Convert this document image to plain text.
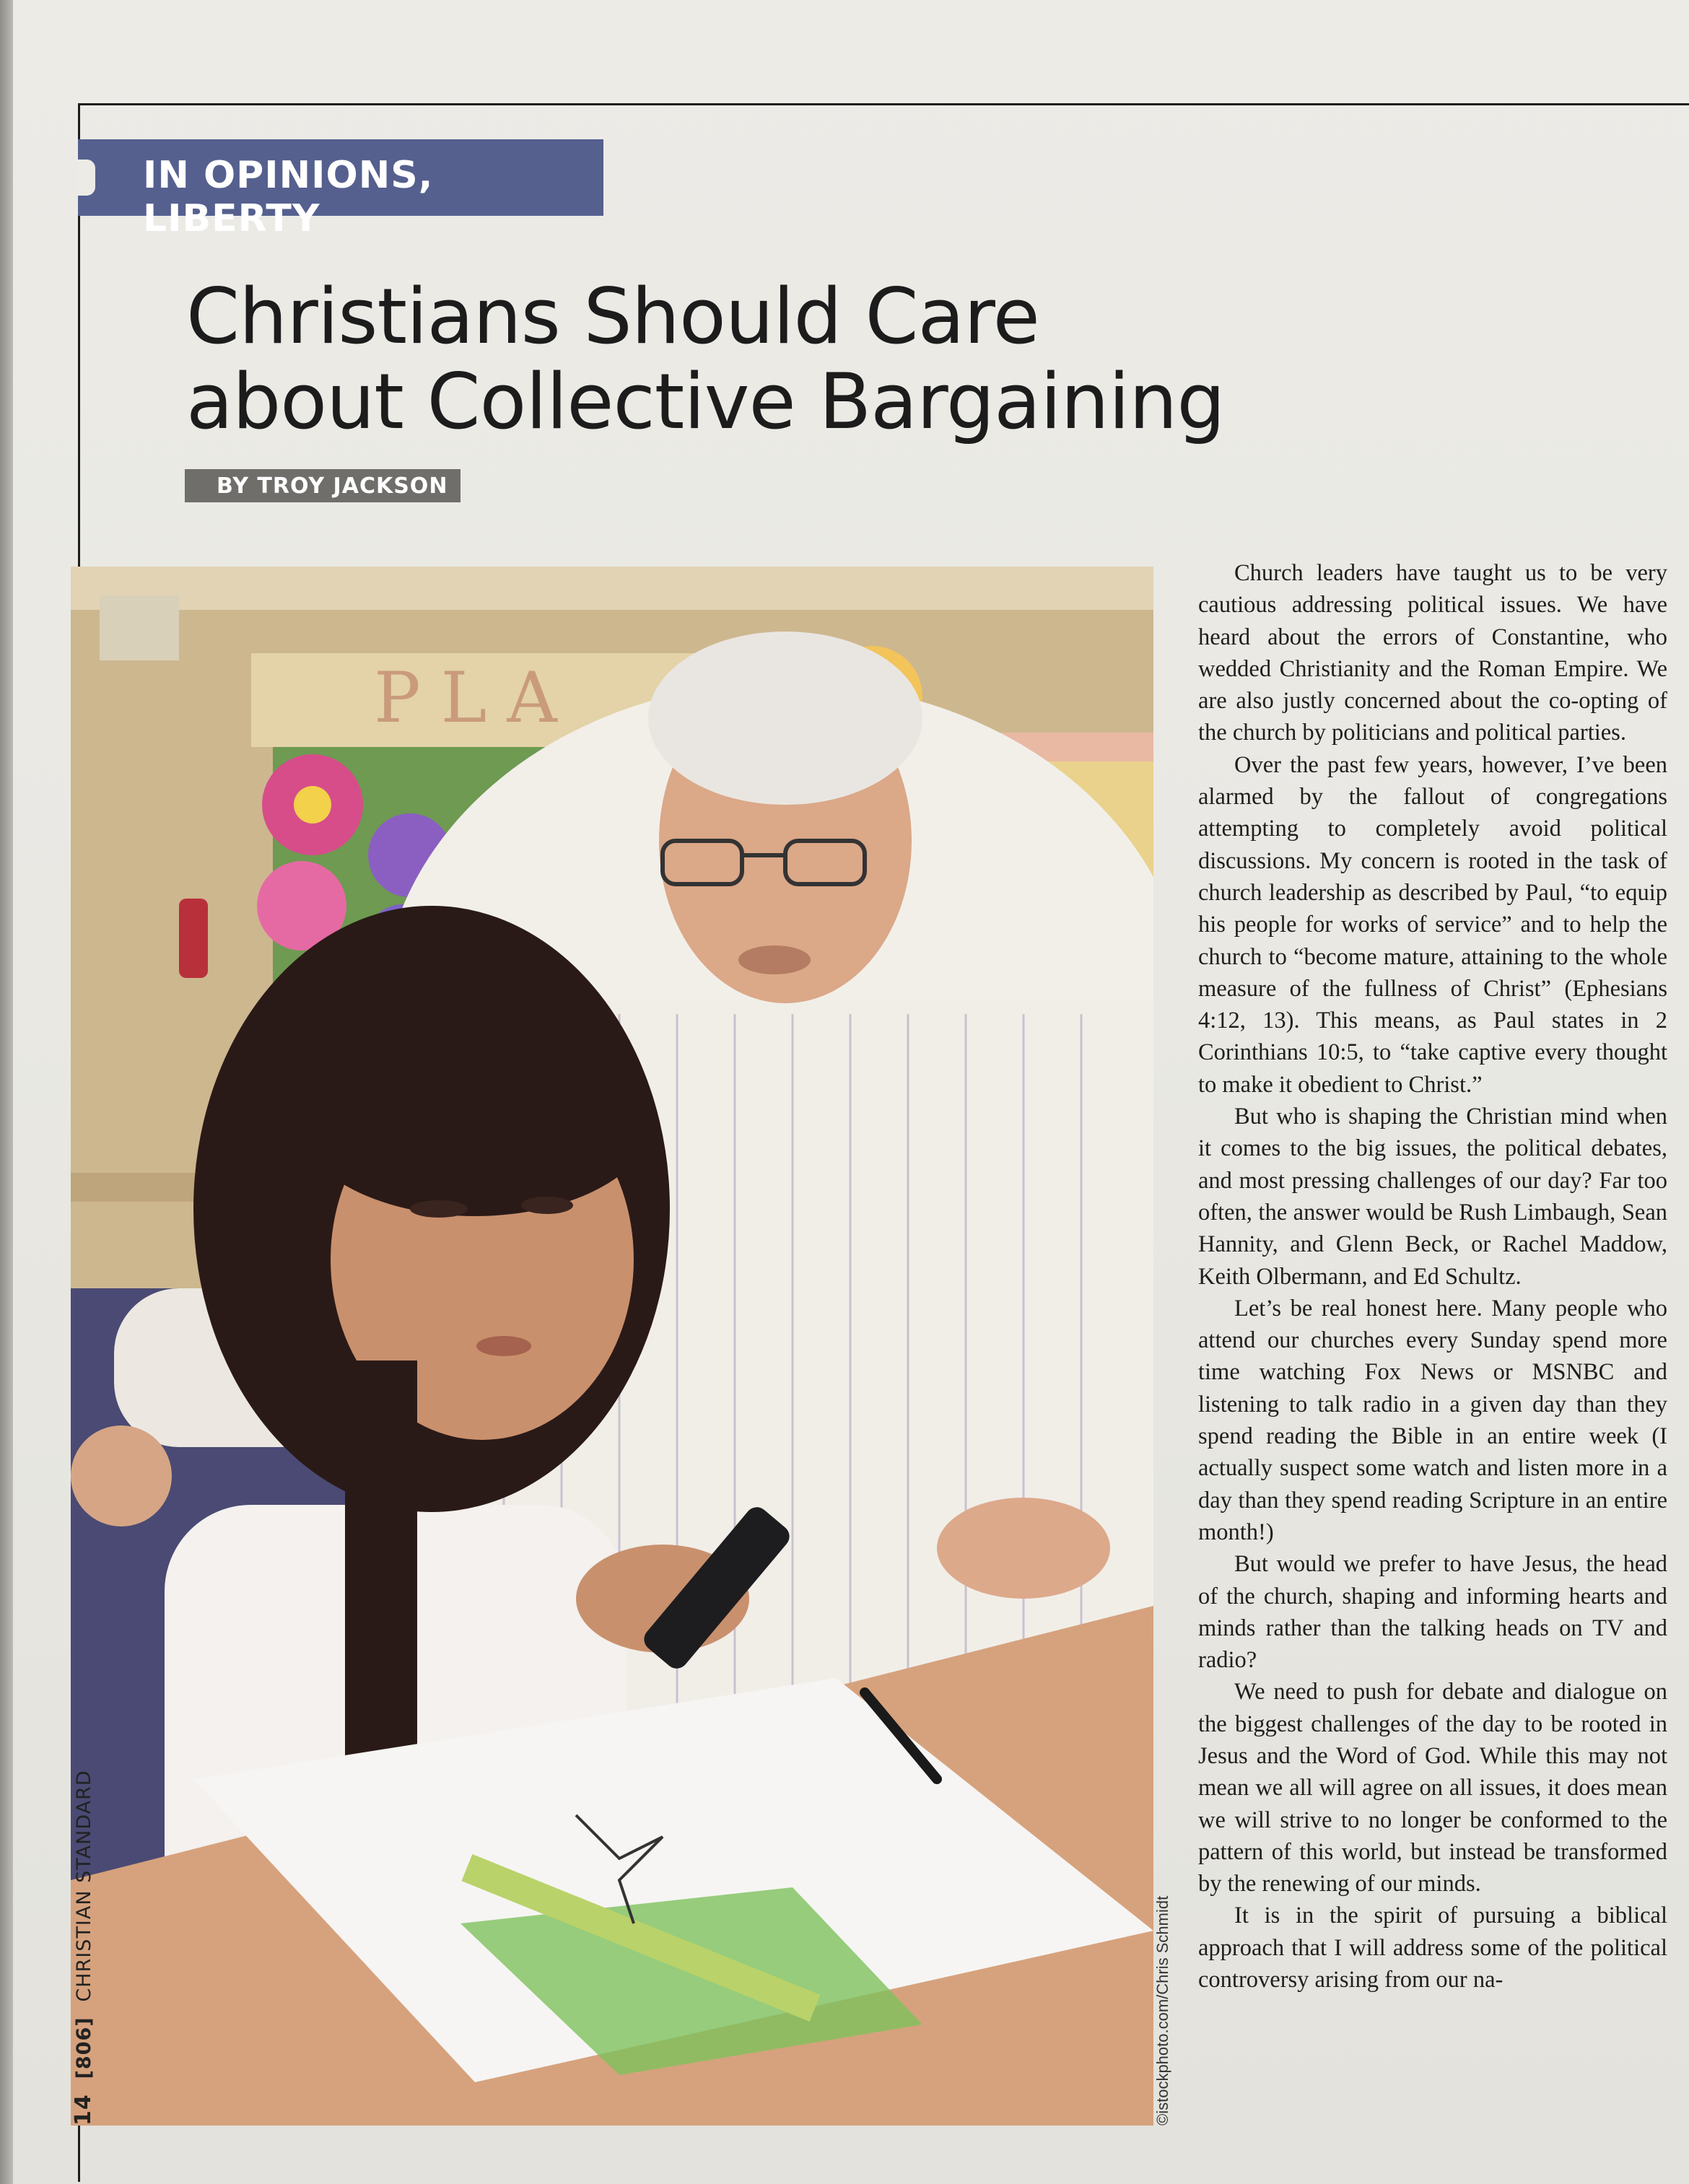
IN OPINIONS, LIBERTY
Christians Should Care
about Collective Bargaining
BY TROY JACKSON
PLA
©istockphoto.com/Chris Schmidt
14  [806]  CHRISTIAN STANDARD

Church leaders have taught us to be very cautious addressing political issues. We have heard about the errors of Constantine, who wedded Christianity and the Roman Empire. We are also justly concerned about the co-opting of the church by politicians and political parties.

Over the past few years, however, I’ve been alarmed by the fallout of congregations attempting to completely avoid political discussions. My concern is rooted in the task of church leadership as described by Paul, “to equip his people for works of service” and to help the church to “become mature, attaining to the whole measure of the fullness of Christ” (Ephesians 4:12, 13). This means, as Paul states in 2 Corinthians 10:5, to “take captive every thought to make it obedient to Christ.”

But who is shaping the Christian mind when it comes to the big issues, the political debates, and most pressing challenges of our day? Far too often, the answer would be Rush Limbaugh, Sean Hannity, and Glenn Beck, or Rachel Maddow, Keith Olbermann, and Ed Schultz.

Let’s be real honest here. Many people who attend our churches every Sunday spend more time watching Fox News or MSNBC and listening to talk radio in a given day than they spend reading the Bible in an entire week (I actually suspect some watch and listen more in a day than they spend reading Scripture in an entire month!)

But would we prefer to have Jesus, the head of the church, shaping and informing hearts and minds rather than the talking heads on TV and radio?

We need to push for debate and dialogue on the biggest challenges of the day to be rooted in Jesus and the Word of God. While this may not mean we all will agree on all issues, it does mean we will strive to no longer be conformed to the pattern of this world, but instead be transformed by the renewing of our minds.

It is in the spirit of pursuing a biblical approach that I will address some of the political controversy arising from our na-
